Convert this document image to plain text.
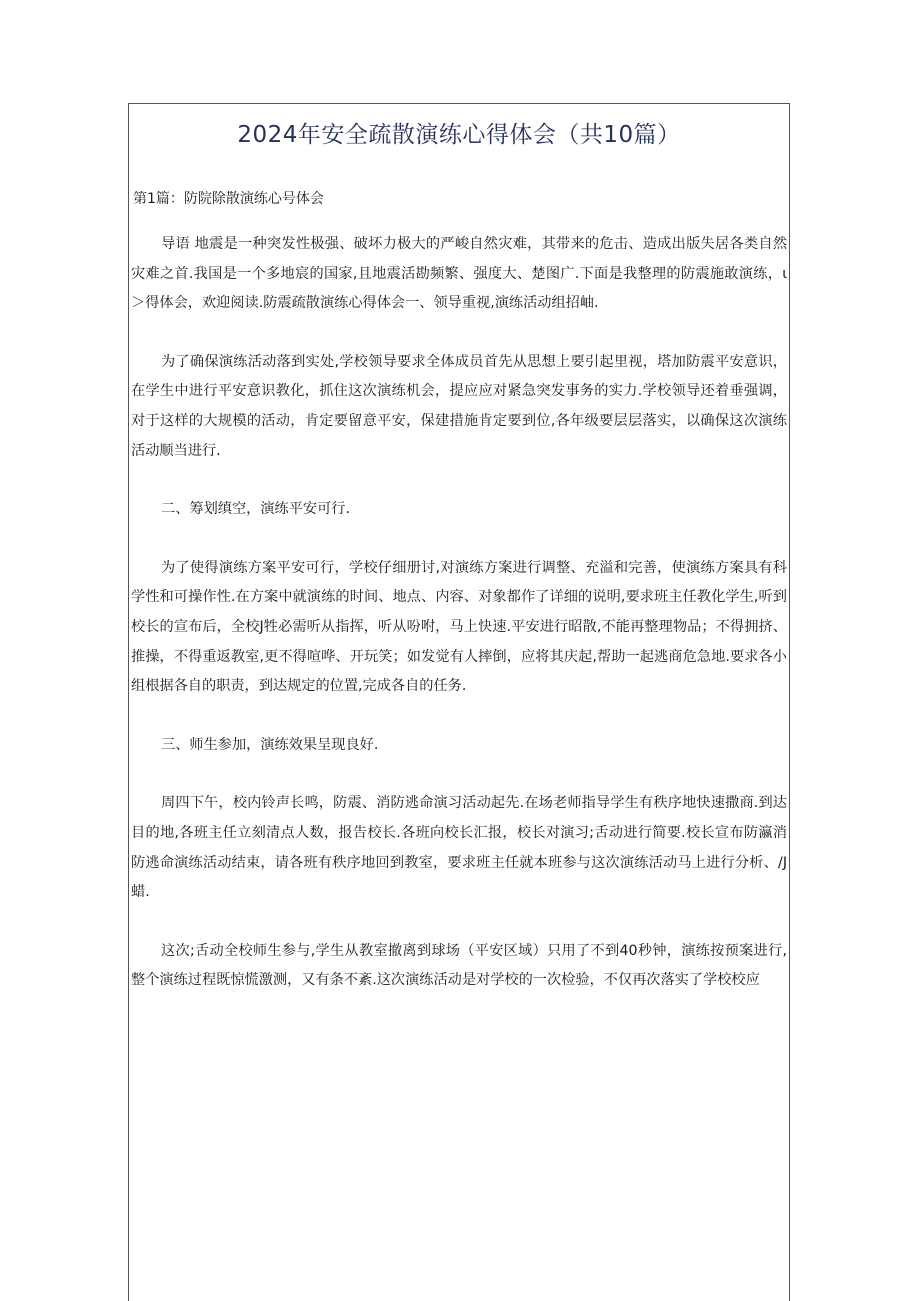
2024年安全疏散演练心得体会（共10篇）
第1篇：防院除散演练心号体会

导语 地震是一种突发性极强、破坏力极大的严峻自然灾难，其带来的危击、造成出版失居各类自然灾难之首.我国是一个多地宸的国家,且地震活勘频繁、强度大、楚图广.下面是我整理的防震施敢演练，ι＞得体会，欢迎阅读.防震疏散演练心得体会一、领导重视,演练活动组招岫.

为了确保演练活动落到实处,学校领导要求全体成员首先从思想上要引起里视，塔加防震平安意识，在学生中进行平安意识教化，抓住这次演练机会，提应应对紧急突发事务的实力.学校领导还着垂强调，对于这样的大规模的活动，肯定要留意平安，保建措施肯定要到位,各年级要层层落实，以确保这次演练活动顺当进行.

二、筹划缜空，演练平安可行.

为了使得演练方案平安可行，学校仔细册讨,对演练方案进行调整、充溢和完善，使演练方案具有科学性和可操作性.在方案中就演练的时间、地点、内容、对象都作了详细的说明,要求班主任教化学生,听到校长的宣布后，全校J牲必需听从指挥，听从吩咐，马上快速.平安进行昭散,不能再整理物品；不得拥挤、推操，不得重返教室,更不得喧哗、开玩笑；如发觉有人摔倒，应将其庆起,帮助一起逃商危急地.要求各小组根据各自的职责，到达规定的位置,完成各自的任务.

三、师生参加，演练效果呈现良好.

周四下午，校内铃声长鸣，防震、消防逃命演习活动起先.在场老师指导学生有秩序地快速撒商.到达目的地,各班主任立刻清点人数，报告校长.各班向校长汇报，校长对演习;舌动进行简要.校长宣布防瀛消防逃命演练活动结束，请各班有秩序地回到教室，要求班主任就本班参与这次演练活动马上进行分析、/J蜡.

这次;舌动全校师生参与,学生从教室撤离到球场（平安区域）只用了不到40秒钟，演练按预案进行,整个演练过程既惊慌激测，又有条不紊.这次演练活动是对学校的一次检验，不仅再次落实了学校校应
